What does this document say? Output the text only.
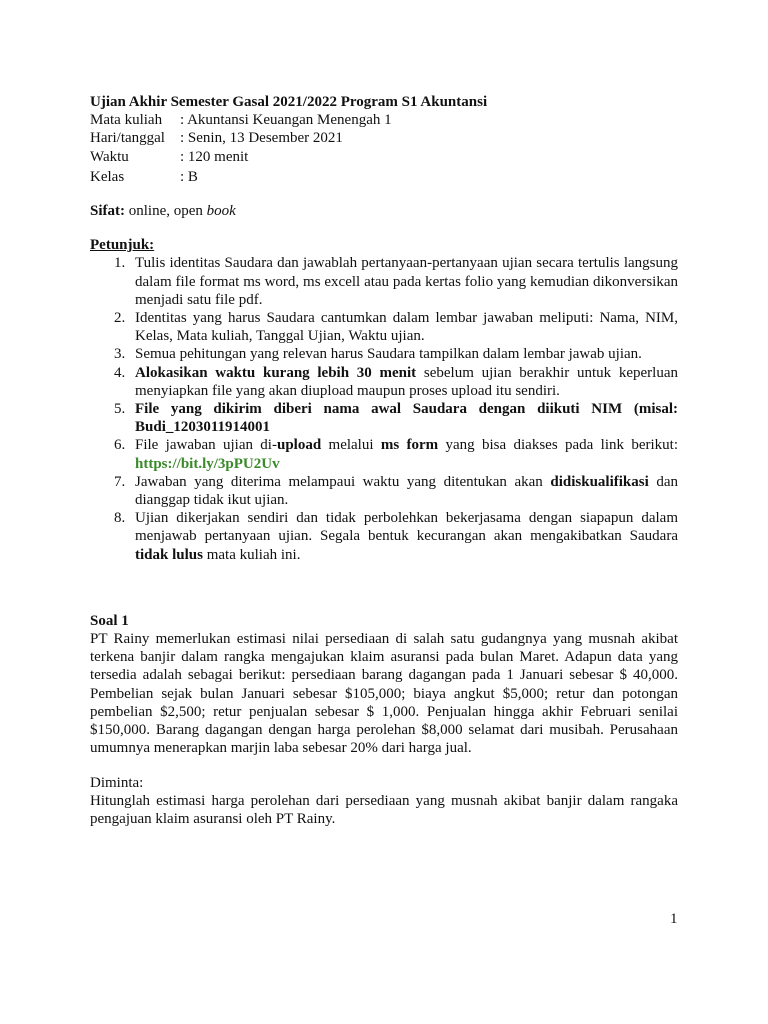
Ujian Akhir Semester Gasal 2021/2022 Program S1 Akuntansi
Mata kuliah	: Akuntansi Keuangan Menengah 1
Hari/tanggal	: Senin, 13 Desember 2021
Waktu	: 120 menit
Kelas	: B
Sifat: online, open book
Petunjuk:
1. Tulis identitas Saudara dan jawablah pertanyaan-pertanyaan ujian secara tertulis langsung dalam file format ms word, ms excell atau pada kertas folio yang kemudian dikonversikan menjadi satu file pdf.
2. Identitas yang harus Saudara cantumkan dalam lembar jawaban meliputi: Nama, NIM, Kelas, Mata kuliah, Tanggal Ujian, Waktu ujian.
3. Semua pehitungan yang relevan harus Saudara tampilkan dalam lembar jawab ujian.
4. Alokasikan waktu kurang lebih 30 menit sebelum ujian berakhir untuk keperluan menyiapkan file yang akan diupload maupun proses upload itu sendiri.
5. File yang dikirim diberi nama awal Saudara dengan diikuti NIM (misal: Budi_1203011914001
6. File jawaban ujian di-upload melalui ms form yang bisa diakses pada link berikut: https://bit.ly/3pPU2Uv
7. Jawaban yang diterima melampaui waktu yang ditentukan akan didiskualifikasi dan dianggap tidak ikut ujian.
8. Ujian dikerjakan sendiri dan tidak perbolehkan bekerjasama dengan siapapun dalam menjawab pertanyaan ujian. Segala bentuk kecurangan akan mengakibatkan Saudara tidak lulus mata kuliah ini.
Soal 1
PT Rainy memerlukan estimasi nilai persediaan di salah satu gudangnya yang musnah akibat terkena banjir dalam rangka mengajukan klaim asuransi pada bulan Maret. Adapun data yang tersedia adalah sebagai berikut: persediaan barang dagangan pada 1 Januari sebesar $ 40,000. Pembelian sejak bulan Januari sebesar $105,000; biaya angkut $5,000; retur dan potongan pembelian $2,500; retur penjualan sebesar $ 1,000. Penjualan hingga akhir Februari senilai $150,000. Barang dagangan dengan harga perolehan $8,000 selamat dari musibah. Perusahaan umumnya menerapkan marjin laba sebesar 20% dari harga jual.
Diminta:
Hitunglah estimasi harga perolehan dari persediaan yang musnah akibat banjir dalam rangaka pengajuan klaim asuransi oleh PT Rainy.
1
